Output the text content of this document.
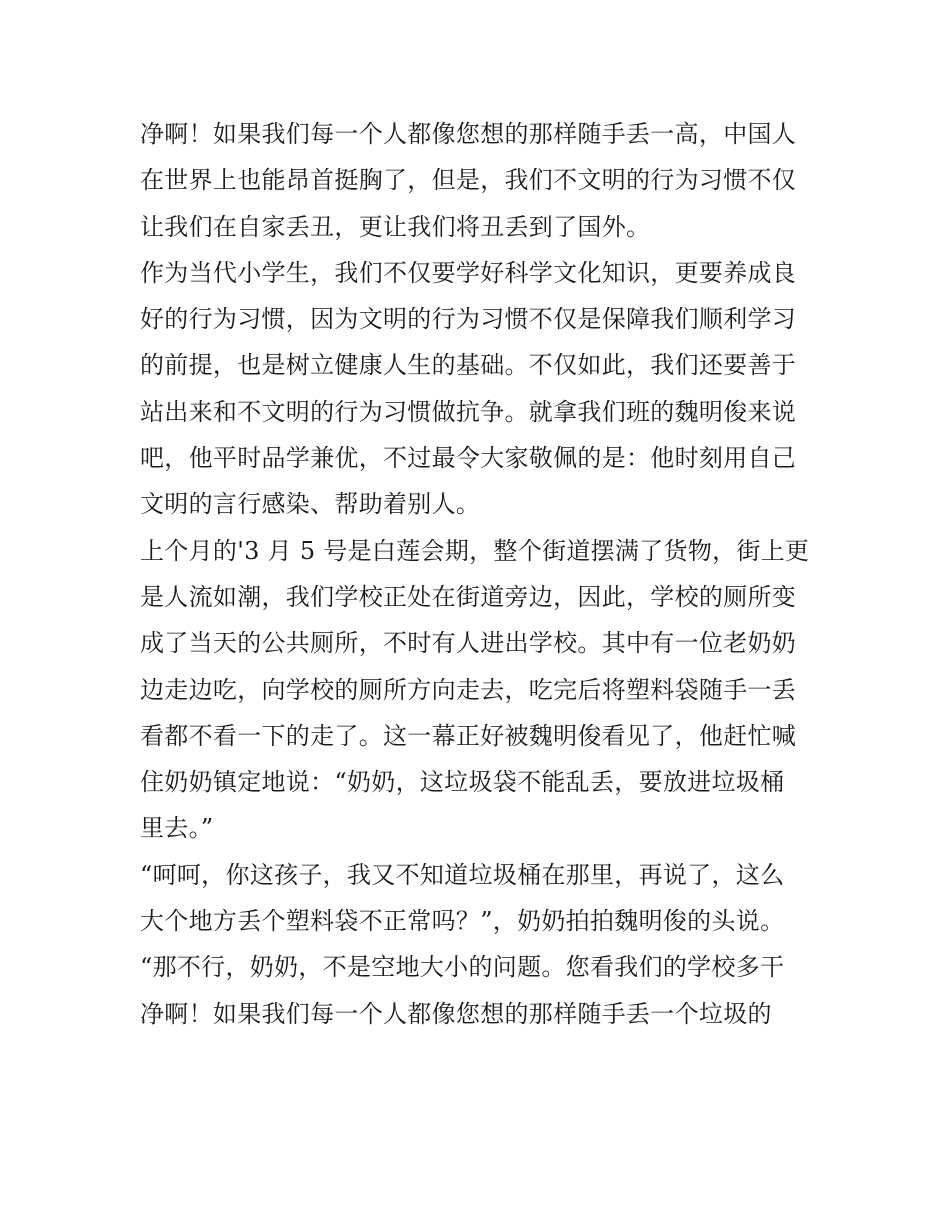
净啊！如果我们每一个人都像您想的那样随手丢一高，中国人
在世界上也能昂首挺胸了，但是，我们不文明的行为习惯不仅
让我们在自家丢丑，更让我们将丑丢到了国外。
作为当代小学生，我们不仅要学好科学文化知识，更要养成良
好的行为习惯，因为文明的行为习惯不仅是保障我们顺利学习
的前提，也是树立健康人生的基础。不仅如此，我们还要善于
站出来和不文明的行为习惯做抗争。就拿我们班的魏明俊来说
吧，他平时品学兼优，不过最令大家敬佩的是：他时刻用自己
文明的言行感染、帮助着别人。
上个月的'3 月 5 号是白莲会期，整个街道摆满了货物，街上更
是人流如潮，我们学校正处在街道旁边，因此，学校的厕所变
成了当天的公共厕所，不时有人进出学校。其中有一位老奶奶
边走边吃，向学校的厕所方向走去，吃完后将塑料袋随手一丢
看都不看一下的走了。这一幕正好被魏明俊看见了，他赶忙喊
住奶奶镇定地说：“奶奶，这垃圾袋不能乱丢，要放进垃圾桶
里去。”
“呵呵，你这孩子，我又不知道垃圾桶在那里，再说了，这么
大个地方丢个塑料袋不正常吗？”，奶奶拍拍魏明俊的头说。
“那不行，奶奶，不是空地大小的问题。您看我们的学校多干
净啊！如果我们每一个人都像您想的那样随手丢一个垃圾的
